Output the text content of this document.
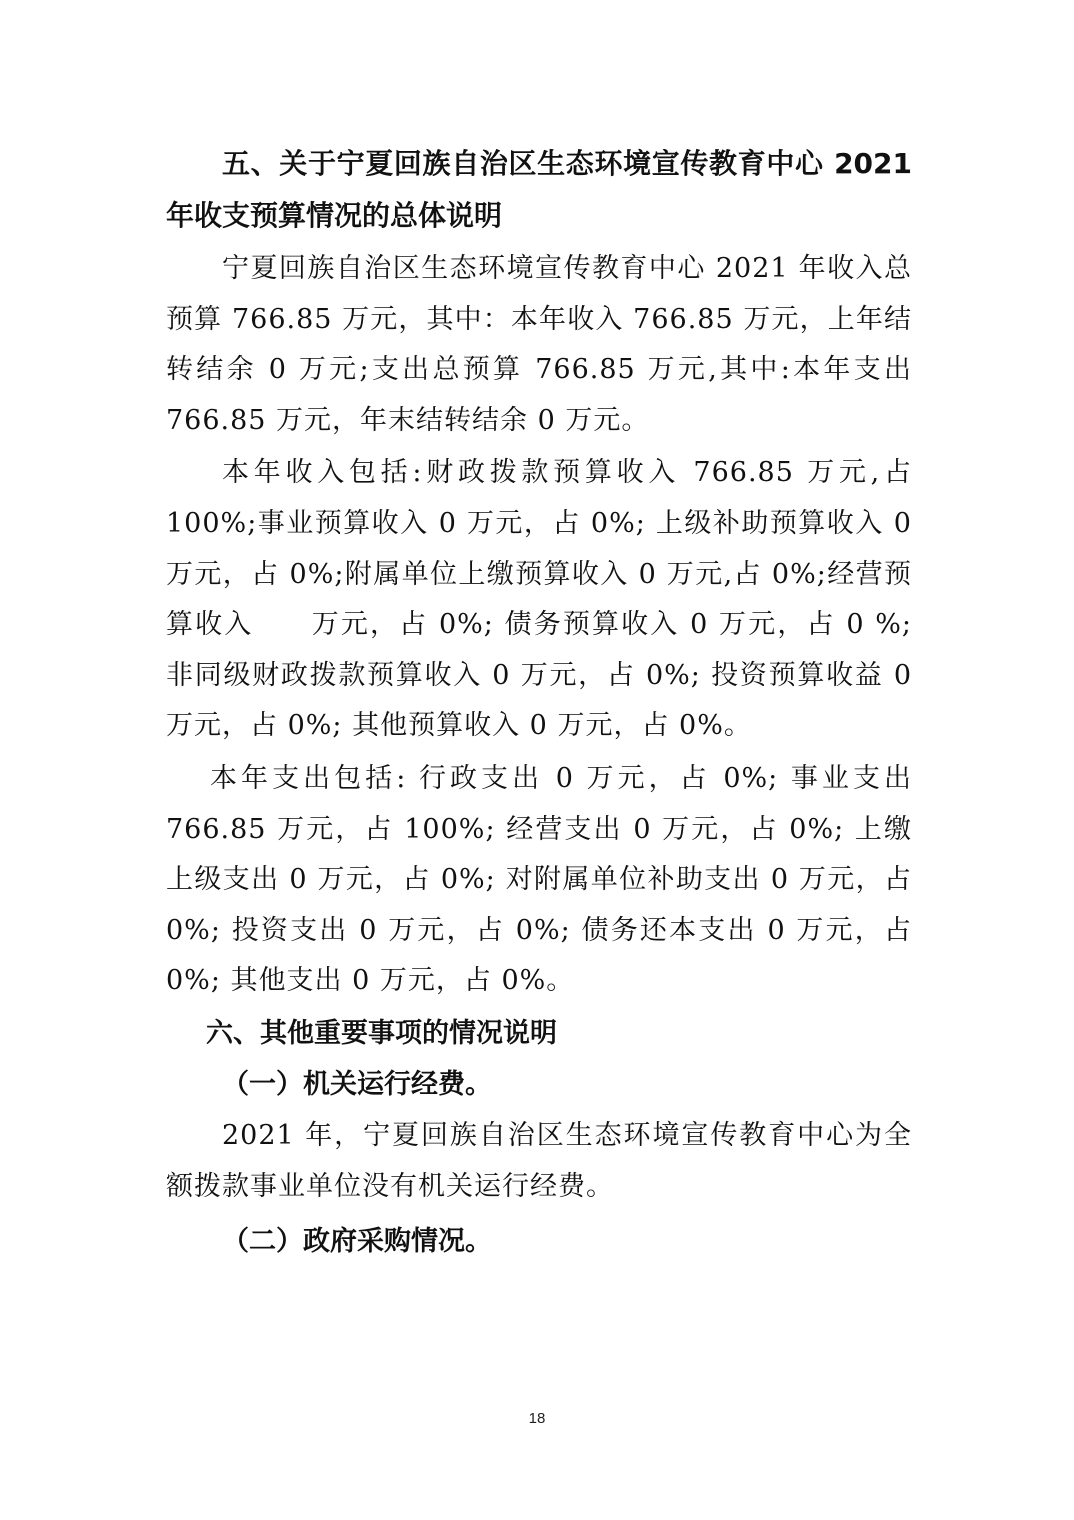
五、关于宁夏回族自治区生态环境宣传教育中心 2021 年收支预算情况的总体说明

宁夏回族自治区生态环境宣传教育中心 2021 年收入总预算 766.85 万元，其中：本年收入 766.85 万元，上年结转结余 0 万元;支出总预算 766.85 万元,其中:本年支出 766.85 万元，年末结转结余 0 万元。

本年收入包括:财政拨款预算收入 766.85 万元,占 100%;事业预算收入 0 万元，占 0%; 上级补助预算收入 0 万元，占 0%;附属单位上缴预算收入 0 万元,占 0%;经营预算收入　　万元，占 0%; 债务预算收入 0 万元，占 0 %; 非同级财政拨款预算收入 0 万元，占 0%; 投资预算收益 0 万元，占 0%; 其他预算收入 0 万元，占 0%。

本年支出包括: 行政支出 0 万元，占 0%; 事业支出 766.85 万元，占 100%; 经营支出 0 万元，占 0%; 上缴上级支出 0 万元，占 0%; 对附属单位补助支出 0 万元，占 0%; 投资支出 0 万元，占 0%; 债务还本支出 0 万元，占 0%; 其他支出 0 万元，占 0%。

六、其他重要事项的情况说明
（一）机关运行经费。

2021 年，宁夏回族自治区生态环境宣传教育中心为全额拨款事业单位没有机关运行经费。

（二）政府采购情况。
18
